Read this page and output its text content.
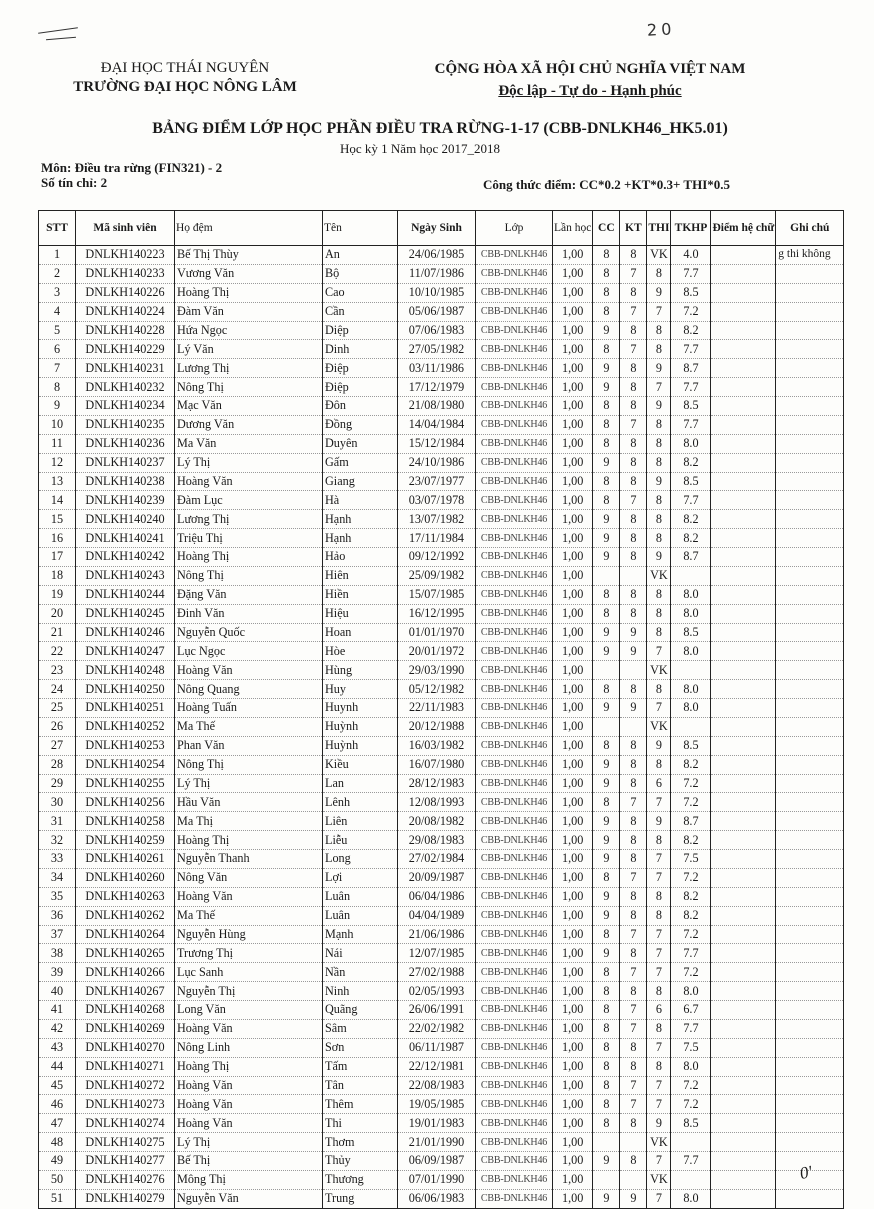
20
ĐẠI HỌC THÁI NGUYÊN
TRƯỜNG ĐẠI HỌC NÔNG LÂM
CỘNG HÒA XÃ HỘI CHỦ NGHĨA VIỆT NAM
Độc lập - Tự do - Hạnh phúc
BẢNG ĐIỂM LỚP HỌC PHẦN ĐIỀU TRA RỪNG-1-17 (CBB-DNLKH46_HK5.01)
Học kỳ 1 Năm học 2017_2018
Môn: Điều tra rừng (FIN321) - 2
Số tín chỉ: 2	Công thức điểm: CC*0.2 +KT*0.3+ THI*0.5
STT	Mã sinh viên	Họ đệm	Tên	Ngày Sinh	Lớp	Lần học	CC	KT	THI	TKHP	Điểm hệ chữ	Ghi chú
1	DNLKH140223	Bế Thị Thùy	An	24/06/1985	CBB-DNLKH46	1,00	8	8	VK	4.0		g thi không
2	DNLKH140233	Vương Văn	Bộ	11/07/1986	CBB-DNLKH46	1,00	8	7	8	7.7		
3	DNLKH140226	Hoàng Thị	Cao	10/10/1985	CBB-DNLKH46	1,00	8	8	9	8.5		
4	DNLKH140224	Đàm Văn	Cần	05/06/1987	CBB-DNLKH46	1,00	8	7	7	7.2		
5	DNLKH140228	Hứa Ngọc	Diệp	07/06/1983	CBB-DNLKH46	1,00	9	8	8	8.2		
6	DNLKH140229	Lý Văn	Dinh	27/05/1982	CBB-DNLKH46	1,00	8	7	8	7.7		
7	DNLKH140231	Lương Thị	Điệp	03/11/1986	CBB-DNLKH46	1,00	9	8	9	8.7		
8	DNLKH140232	Nông Thị	Điệp	17/12/1979	CBB-DNLKH46	1,00	9	8	7	7.7		
9	DNLKH140234	Mạc Văn	Đôn	21/08/1980	CBB-DNLKH46	1,00	8	8	9	8.5		
10	DNLKH140235	Dương Văn	Đồng	14/04/1984	CBB-DNLKH46	1,00	8	7	8	7.7		
11	DNLKH140236	Ma Văn	Duyên	15/12/1984	CBB-DNLKH46	1,00	8	8	8	8.0		
12	DNLKH140237	Lý Thị	Gấm	24/10/1986	CBB-DNLKH46	1,00	9	8	8	8.2		
13	DNLKH140238	Hoàng Văn	Giang	23/07/1977	CBB-DNLKH46	1,00	8	8	9	8.5		
14	DNLKH140239	Đàm Lục	Hà	03/07/1978	CBB-DNLKH46	1,00	8	7	8	7.7		
15	DNLKH140240	Lương Thị	Hạnh	13/07/1982	CBB-DNLKH46	1,00	9	8	8	8.2		
16	DNLKH140241	Triệu Thị	Hạnh	17/11/1984	CBB-DNLKH46	1,00	9	8	8	8.2		
17	DNLKH140242	Hoàng Thị	Hảo	09/12/1992	CBB-DNLKH46	1,00	9	8	9	8.7		
18	DNLKH140243	Nông Thị	Hiên	25/09/1982	CBB-DNLKH46	1,00			VK			
19	DNLKH140244	Đặng Văn	Hiền	15/07/1985	CBB-DNLKH46	1,00	8	8	8	8.0		
20	DNLKH140245	Đinh Văn	Hiệu	16/12/1995	CBB-DNLKH46	1,00	8	8	8	8.0		
21	DNLKH140246	Nguyễn Quốc	Hoan	01/01/1970	CBB-DNLKH46	1,00	9	9	8	8.5		
22	DNLKH140247	Lục Ngọc	Hòe	20/01/1972	CBB-DNLKH46	1,00	9	9	7	8.0		
23	DNLKH140248	Hoàng Văn	Hùng	29/03/1990	CBB-DNLKH46	1,00			VK			
24	DNLKH140250	Nông Quang	Huy	05/12/1982	CBB-DNLKH46	1,00	8	8	8	8.0		
25	DNLKH140251	Hoàng Tuấn	Huynh	22/11/1983	CBB-DNLKH46	1,00	9	9	7	8.0		
26	DNLKH140252	Ma Thế	Huỳnh	20/12/1988	CBB-DNLKH46	1,00			VK			
27	DNLKH140253	Phan Văn	Huỳnh	16/03/1982	CBB-DNLKH46	1,00	8	8	9	8.5		
28	DNLKH140254	Nông Thị	Kiều	16/07/1980	CBB-DNLKH46	1,00	9	8	8	8.2		
29	DNLKH140255	Lý Thị	Lan	28/12/1983	CBB-DNLKH46	1,00	9	8	6	7.2		
30	DNLKH140256	Hầu Văn	Lênh	12/08/1993	CBB-DNLKH46	1,00	8	7	7	7.2		
31	DNLKH140258	Ma Thị	Liên	20/08/1982	CBB-DNLKH46	1,00	9	8	9	8.7		
32	DNLKH140259	Hoàng Thị	Liễu	29/08/1983	CBB-DNLKH46	1,00	9	8	8	8.2		
33	DNLKH140261	Nguyễn Thanh	Long	27/02/1984	CBB-DNLKH46	1,00	9	8	7	7.5		
34	DNLKH140260	Nông Văn	Lợi	20/09/1987	CBB-DNLKH46	1,00	8	7	7	7.2		
35	DNLKH140263	Hoàng Văn	Luân	06/04/1986	CBB-DNLKH46	1,00	9	8	8	8.2		
36	DNLKH140262	Ma Thế	Luân	04/04/1989	CBB-DNLKH46	1,00	9	8	8	8.2		
37	DNLKH140264	Nguyễn Hùng	Mạnh	21/06/1986	CBB-DNLKH46	1,00	8	7	7	7.2		
38	DNLKH140265	Trương Thị	Nái	12/07/1985	CBB-DNLKH46	1,00	9	8	7	7.7		
39	DNLKH140266	Lục Sanh	Nần	27/02/1988	CBB-DNLKH46	1,00	8	7	7	7.2		
40	DNLKH140267	Nguyễn Thị	Ninh	02/05/1993	CBB-DNLKH46	1,00	8	8	8	8.0		
41	DNLKH140268	Long Văn	Quãng	26/06/1991	CBB-DNLKH46	1,00	8	7	6	6.7		
42	DNLKH140269	Hoàng Văn	Sâm	22/02/1982	CBB-DNLKH46	1,00	8	7	8	7.7		
43	DNLKH140270	Nông Linh	Sơn	06/11/1987	CBB-DNLKH46	1,00	8	8	7	7.5		
44	DNLKH140271	Hoàng Thị	Tấm	22/12/1981	CBB-DNLKH46	1,00	8	8	8	8.0		
45	DNLKH140272	Hoàng Văn	Tân	22/08/1983	CBB-DNLKH46	1,00	8	7	7	7.2		
46	DNLKH140273	Hoàng Văn	Thêm	19/05/1985	CBB-DNLKH46	1,00	8	7	7	7.2		
47	DNLKH140274	Hoàng Văn	Thi	19/01/1983	CBB-DNLKH46	1,00	8	8	9	8.5		
48	DNLKH140275	Lý Thị	Thơm	21/01/1990	CBB-DNLKH46	1,00			VK			
49	DNLKH140277	Bế Thị	Thủy	06/09/1987	CBB-DNLKH46	1,00	9	8	7	7.7		
50	DNLKH140276	Mông Thị	Thương	07/01/1990	CBB-DNLKH46	1,00			VK			
51	DNLKH140279	Nguyễn Văn	Trung	06/06/1983	CBB-DNLKH46	1,00	9	9	7	8.0		
0'
